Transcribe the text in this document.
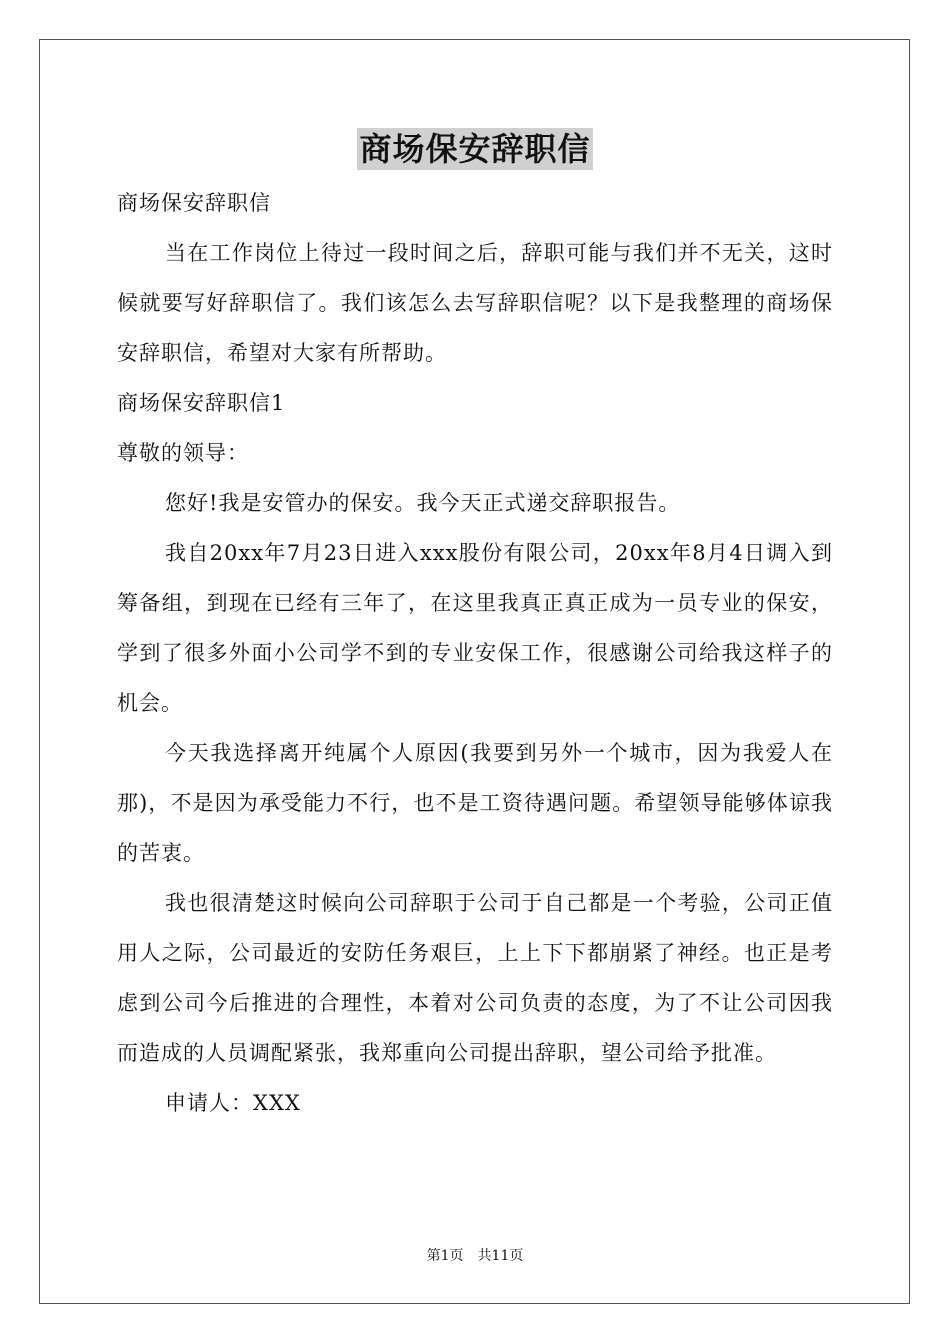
商场保安辞职信

商场保安辞职信

当在工作岗位上待过一段时间之后，辞职可能与我们并不无关，这时候就要写好辞职信了。我们该怎么去写辞职信呢？以下是我整理的商场保安辞职信，希望对大家有所帮助。

商场保安辞职信1

尊敬的领导：

您好!我是安管办的保安。我今天正式递交辞职报告。

我自20xx年7月23日进入xxx股份有限公司，20xx年8月4日调入到筹备组，到现在已经有三年了，在这里我真正真正成为一员专业的保安，学到了很多外面小公司学不到的专业安保工作，很感谢公司给我这样子的机会。

今天我选择离开纯属个人原因(我要到另外一个城市，因为我爱人在那)，不是因为承受能力不行，也不是工资待遇问题。希望领导能够体谅我的苦衷。

我也很清楚这时候向公司辞职于公司于自己都是一个考验，公司正值用人之际，公司最近的安防任务艰巨，上上下下都崩紧了神经。也正是考虑到公司今后推进的合理性，本着对公司负责的态度，为了不让公司因我而造成的人员调配紧张，我郑重向公司提出辞职，望公司给予批准。

申请人：XXX

第1页　共11页
